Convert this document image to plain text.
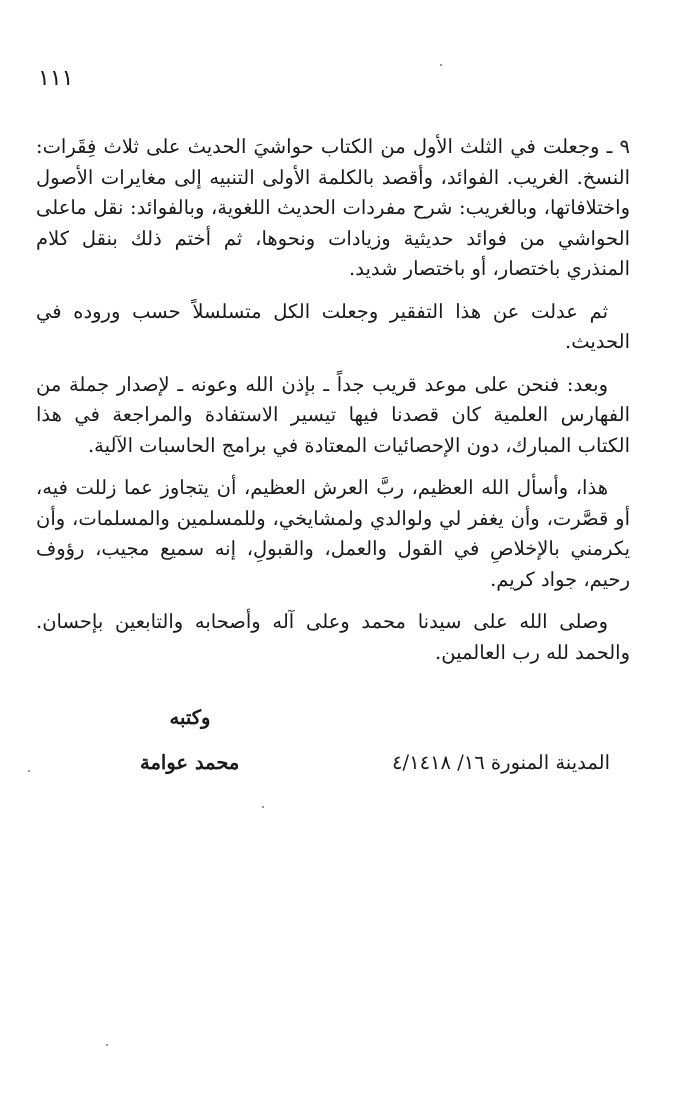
١١١

٩ ـ وجعلت في الثلث الأول من الكتاب حواشيَ الحديث على ثلاث فِقَرات: النسخ. الغريب. الفوائد، وأقصد بالكلمة الأولى التنبيه إلى مغايرات الأصول واختلافاتها، وبالغريب: شرح مفردات الحديث اللغوية، وبالفوائد: نقل ماعلى الحواشي من فوائد حديثية وزيادات ونحوها، ثم أختم ذلك بنقل كلام المنذري باختصار، أو باختصار شديد.

ثم عدلت عن هذا التفقير وجعلت الكل متسلسلاً حسب وروده في الحديث.

وبعد: فنحن على موعد قريب جداً ـ بإذن الله وعونه ـ لإصدار جملة من الفهارس العلمية كان قصدنا فيها تيسير الاستفادة والمراجعة في هذا الكتاب المبارك، دون الإحصائيات المعتادة في برامج الحاسبات الآلية.

هذا، وأسأل الله العظيم، ربَّ العرش العظيم، أن يتجاوز عما زللت فيه، أو قصَّرت، وأن يغفر لي ولوالدي ولمشايخي، وللمسلمين والمسلمات، وأن يكرمني بالإخلاصِ في القول والعمل، والقبولِ، إنه سميع مجيب، رؤوف رحيم، جواد كريم.

وصلى الله على سيدنا محمد وعلى آله وأصحابه والتابعين بإحسان. والحمد لله رب العالمين.

وكتبه
المدينة المنورة ١٦/ ٤/١٤١٨
محمد عوامة
